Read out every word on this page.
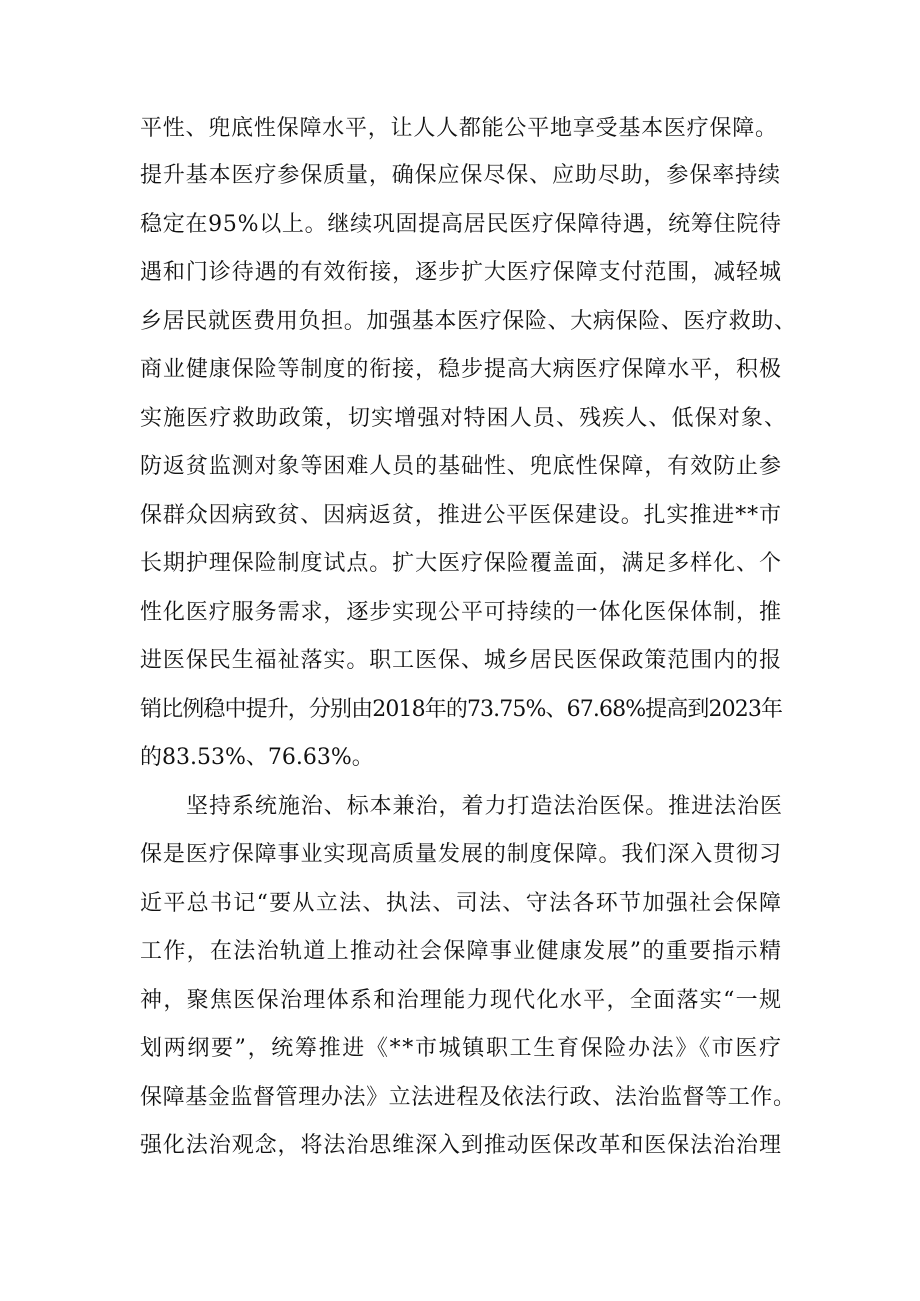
平性、兜底性保障水平，让人人都能公平地享受基本医疗保障。
提升基本医疗参保质量，确保应保尽保、应助尽助，参保率持续
稳定在95%以上。继续巩固提高居民医疗保障待遇，统筹住院待
遇和门诊待遇的有效衔接，逐步扩大医疗保障支付范围，减轻城
乡居民就医费用负担。加强基本医疗保险、大病保险、医疗救助、
商业健康保险等制度的衔接，稳步提高大病医疗保障水平，积极
实施医疗救助政策，切实增强对特困人员、残疾人、低保对象、
防返贫监测对象等困难人员的基础性、兜底性保障，有效防止参
保群众因病致贫、因病返贫，推进公平医保建设。扎实推进**市
长期护理保险制度试点。扩大医疗保险覆盖面，满足多样化、个
性化医疗服务需求，逐步实现公平可持续的一体化医保体制，推
进医保民生福祉落实。职工医保、城乡居民医保政策范围内的报
销比例稳中提升，分别由2018年的73.75%、67.68%提高到2023年
的83.53%、76.63%。
坚持系统施治、标本兼治，着力打造法治医保。推进法治医
保是医疗保障事业实现高质量发展的制度保障。我们深入贯彻习
近平总书记“要从立法、执法、司法、守法各环节加强社会保障
工作，在法治轨道上推动社会保障事业健康发展”的重要指示精
神，聚焦医保治理体系和治理能力现代化水平，全面落实“一规
划两纲要”，统筹推进《**市城镇职工生育保险办法》《市医疗
保障基金监督管理办法》立法进程及依法行政、法治监督等工作。
强化法治观念，将法治思维深入到推动医保改革和医保法治治理
